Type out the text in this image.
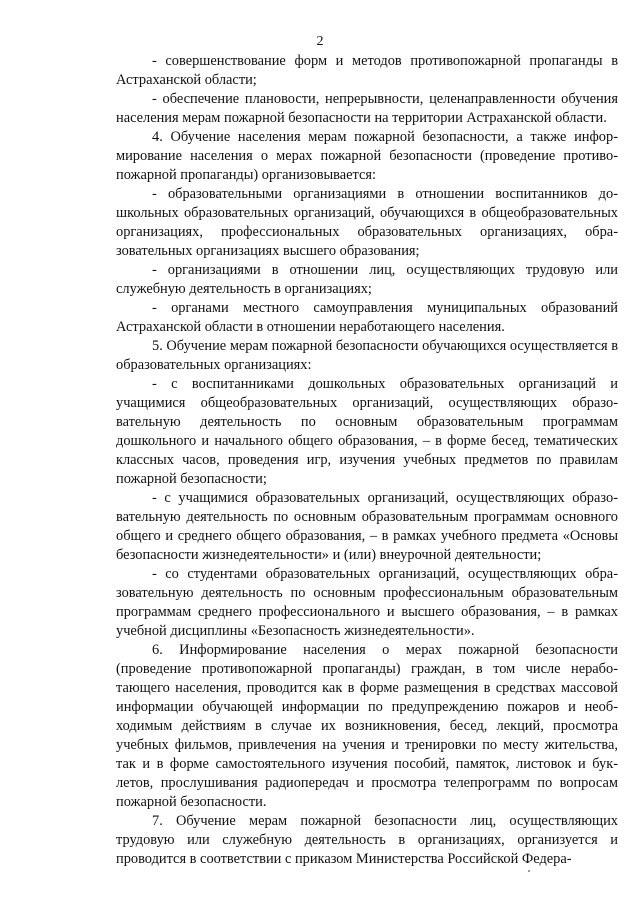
2

- совершенствование форм и методов противопожарной пропаганды в Астраханской области;

- обеспечение плановости, непрерывности, целенаправленности обучения населения мерам пожарной безопасности на территории Астраханской области.

4. Обучение населения мерам пожарной безопасности, а также информирование населения о мерах пожарной безопасности (проведение противопожарной пропаганды) организовывается:

- образовательными организациями в отношении воспитанников дошкольных образовательных организаций, обучающихся в общеобразовательных организациях, профессиональных образовательных организациях, образовательных организациях высшего образования;

- организациями в отношении лиц, осуществляющих трудовую или служебную деятельность в организациях;

- органами местного самоуправления муниципальных образований Астраханской области в отношении неработающего населения.

5. Обучение мерам пожарной безопасности обучающихся осуществляется в образовательных организациях:

- с воспитанниками дошкольных образовательных организаций и учащимися общеобразовательных организаций, осуществляющих образовательную деятельность по основным образовательным программам дошкольного и начального общего образования, – в форме бесед, тематических классных часов, проведения игр, изучения учебных предметов по правилам пожарной безопасности;

- с учащимися образовательных организаций, осуществляющих образовательную деятельность по основным образовательным программам основного общего и среднего общего образования, – в рамках учебного предмета «Основы безопасности жизнедеятельности» и (или) внеурочной деятельности;

- со студентами образовательных организаций, осуществляющих образовательную деятельность по основным профессиональным образовательным программам среднего профессионального и высшего образования, – в рамках учебной дисциплины «Безопасность жизнедеятельности».

6. Информирование населения о мерах пожарной безопасности (проведение противопожарной пропаганды) граждан, в том числе неработающего населения, проводится как в форме размещения в средствах массовой информации обучающей информации по предупреждению пожаров и необходимым действиям в случае их возникновения, бесед, лекций, просмотра учебных фильмов, привлечения на учения и тренировки по месту жительства, так и в форме самостоятельного изучения пособий, памяток, листовок и буклетов, прослушивания радиопередач и просмотра телепрограмм по вопросам пожарной безопасности.

7. Обучение мерам пожарной безопасности лиц, осуществляющих трудовую или служебную деятельность в организациях, организуется и проводится в соответствии с приказом Министерства Российской Федера-
